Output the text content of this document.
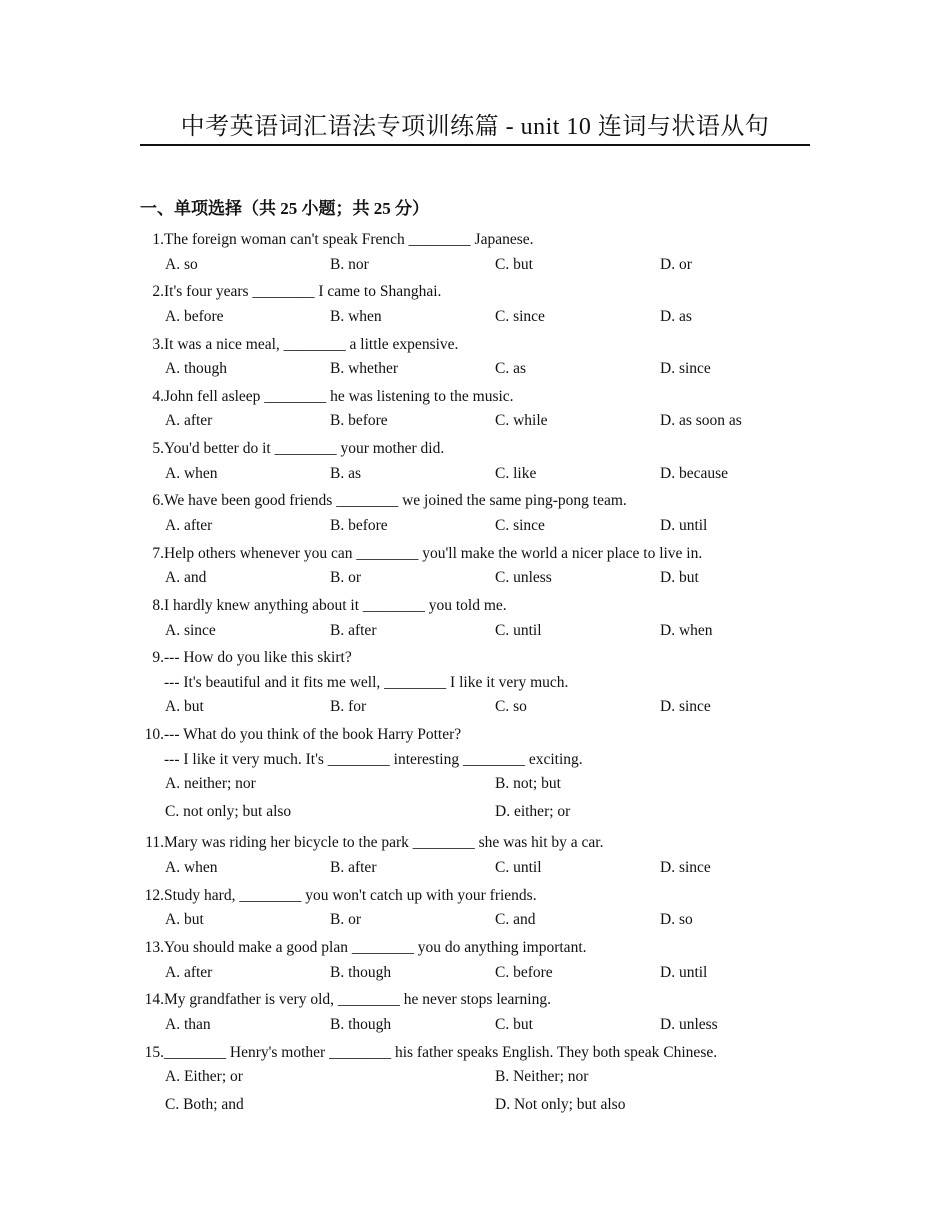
中考英语词汇语法专项训练篇 - unit 10 连词与状语从句
一、单项选择（共 25 小题；共 25 分）
1. The foreign woman can't speak French ________ Japanese.
A. so	B. nor	C. but	D. or
2. It's four years ________ I came to Shanghai.
A. before	B. when	C. since	D. as
3. It was a nice meal, ________ a little expensive.
A. though	B. whether	C. as	D. since
4. John fell asleep ________ he was listening to the music.
A. after	B. before	C. while	D. as soon as
5. You'd better do it ________ your mother did.
A. when	B. as	C. like	D. because
6. We have been good friends ________ we joined the same ping-pong team.
A. after	B. before	C. since	D. until
7. Help others whenever you can ________ you'll make the world a nicer place to live in.
A. and	B. or	C. unless	D. but
8. I hardly knew anything about it ________ you told me.
A. since	B. after	C. until	D. when
9. --- How do you like this skirt?
--- It's beautiful and it fits me well, ________ I like it very much.
A. but	B. for	C. so	D. since
10. --- What do you think of the book Harry Potter?
--- I like it very much. It's ________ interesting ________ exciting.
A. neither; nor	B. not; but
C. not only; but also	D. either; or
11. Mary was riding her bicycle to the park ________ she was hit by a car.
A. when	B. after	C. until	D. since
12. Study hard, ________ you won't catch up with your friends.
A. but	B. or	C. and	D. so
13. You should make a good plan ________ you do anything important.
A. after	B. though	C. before	D. until
14. My grandfather is very old, ________ he never stops learning.
A. than	B. though	C. but	D. unless
15. ________ Henry's mother ________ his father speaks English. They both speak Chinese.
A. Either; or	B. Neither; nor
C. Both; and	D. Not only; but also
